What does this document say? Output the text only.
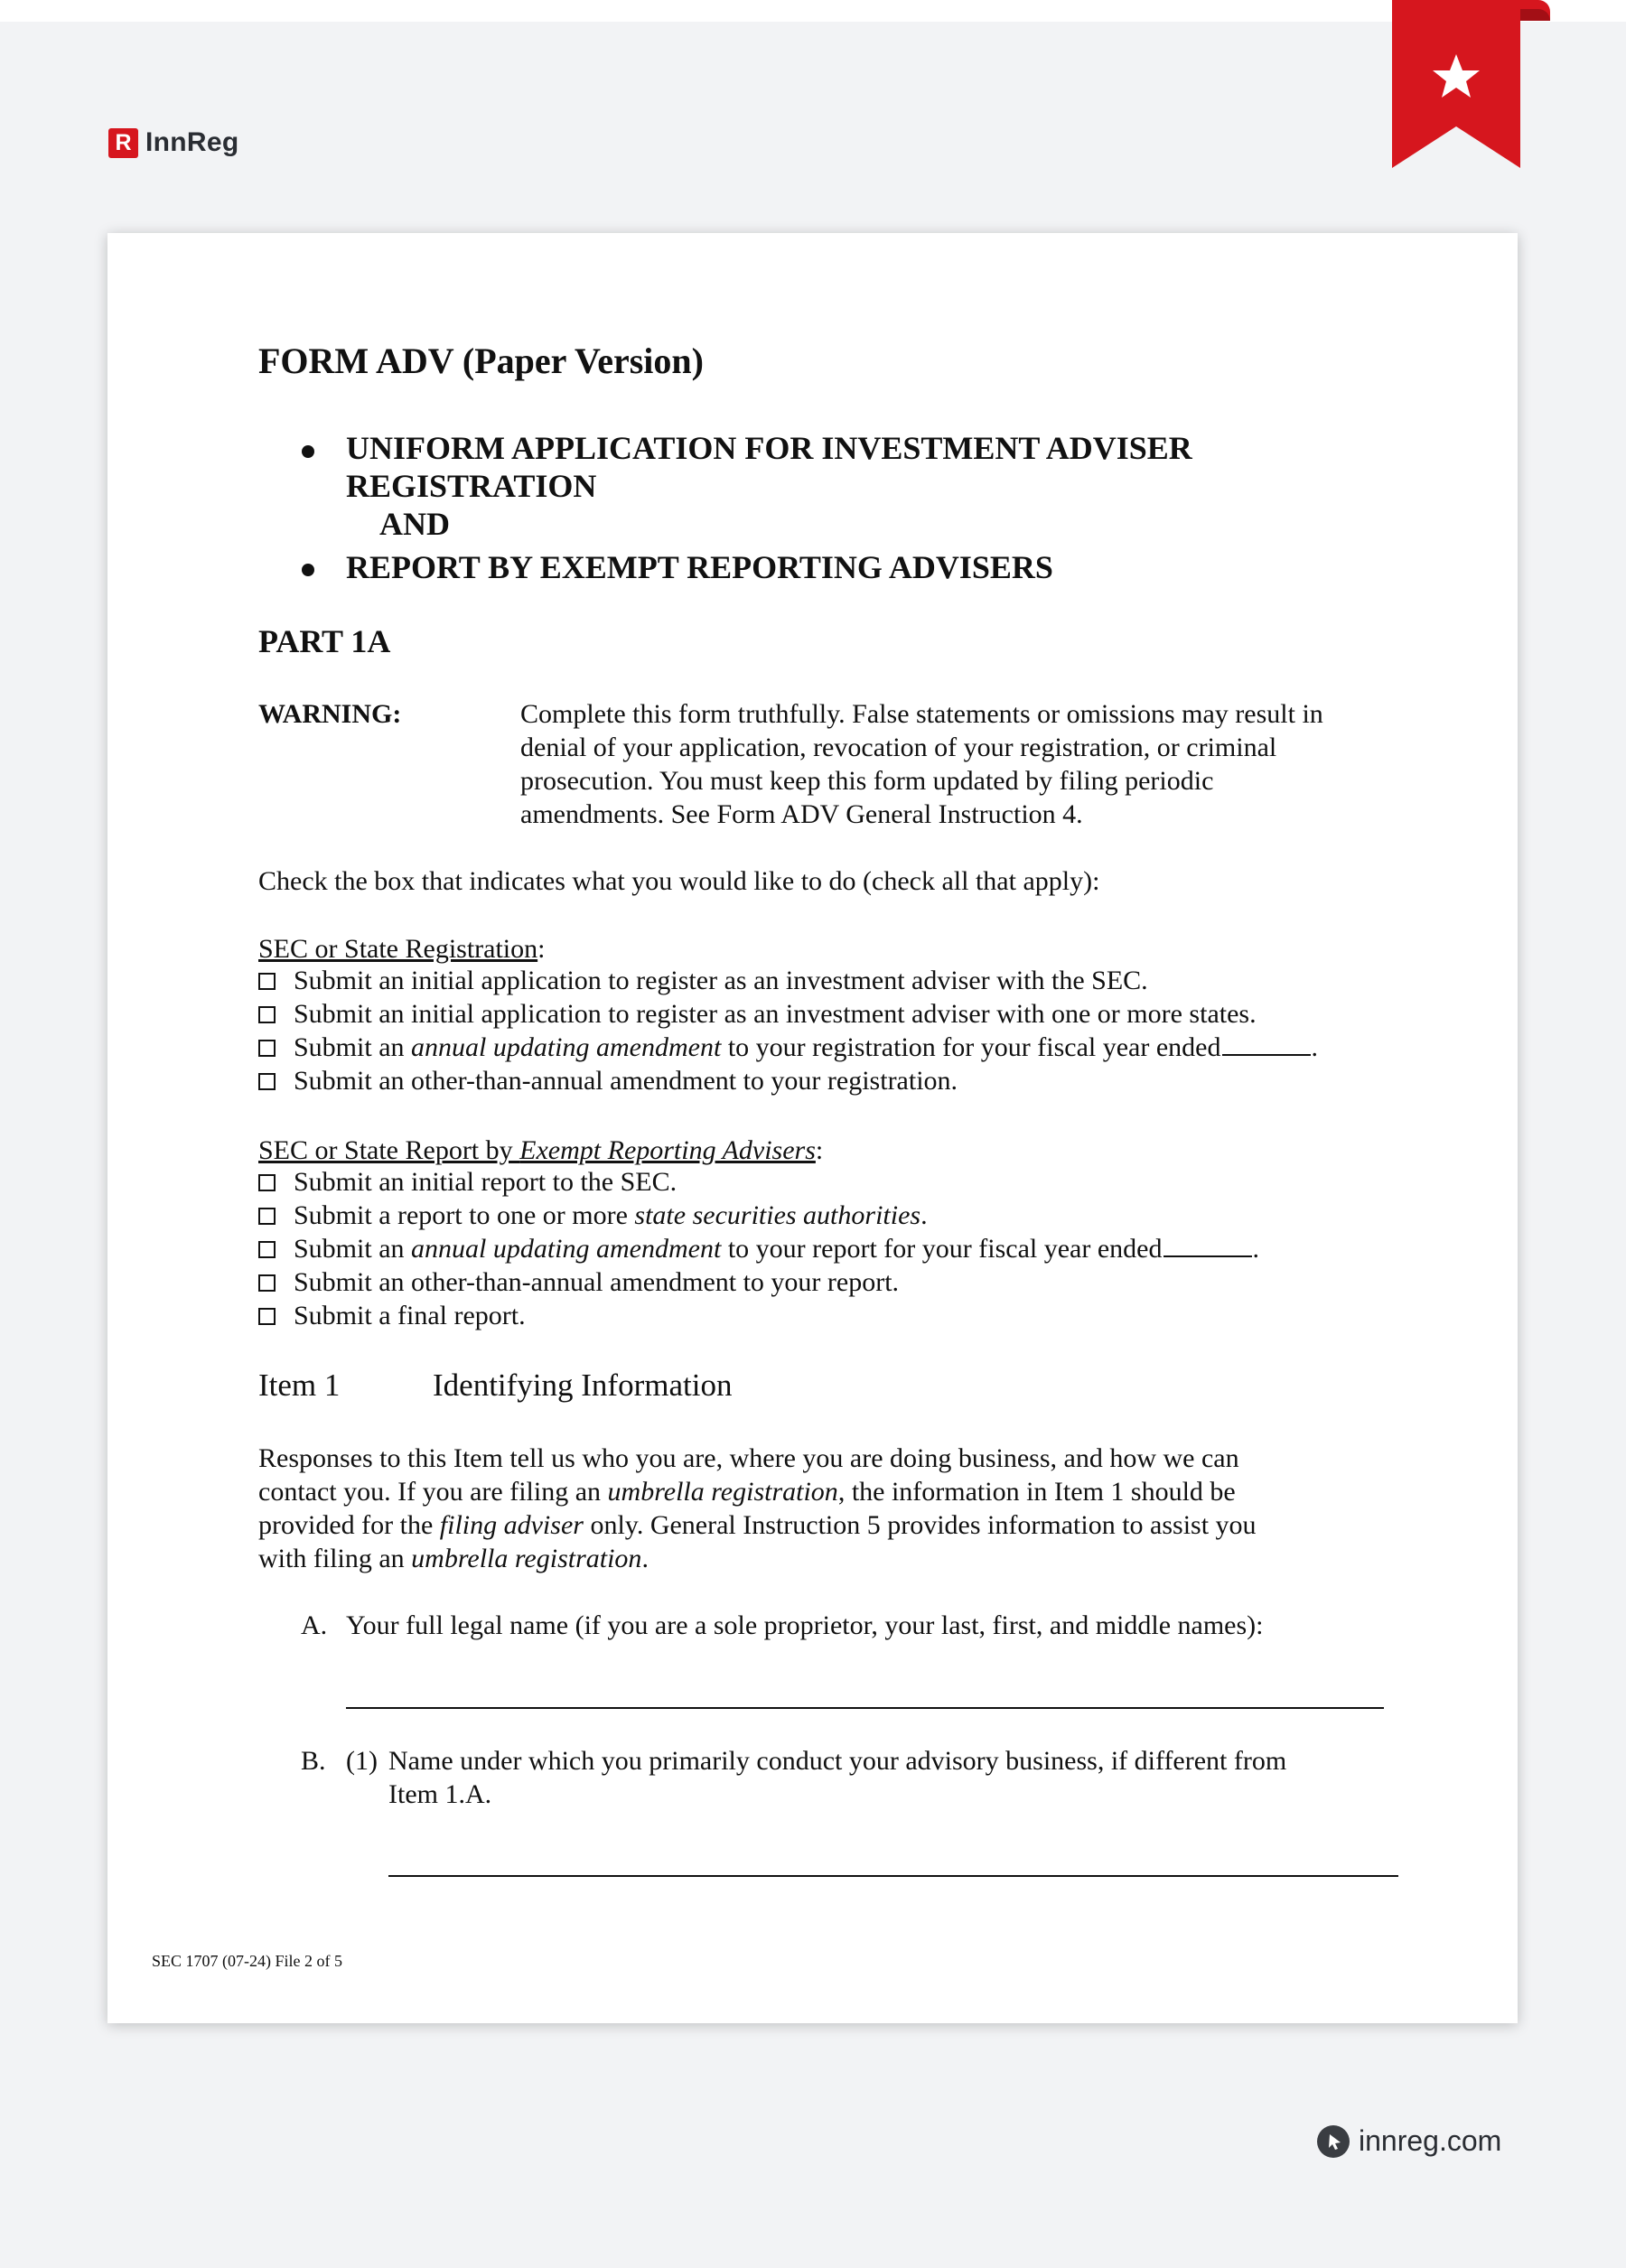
R InnReg
FORM ADV (Paper Version)
UNIFORM APPLICATION FOR INVESTMENT ADVISER
REGISTRATION
AND
REPORT BY EXEMPT REPORTING ADVISERS
PART 1A
WARNING:	Complete this form truthfully. False statements or omissions may result in
denial of your application, revocation of your registration, or criminal
prosecution. You must keep this form updated by filing periodic
amendments. See Form ADV General Instruction 4.
Check the box that indicates what you would like to do (check all that apply):
SEC or State Registration:
Submit an initial application to register as an investment adviser with the SEC.
Submit an initial application to register as an investment adviser with one or more states.
Submit an annual updating amendment to your registration for your fiscal year ended	.
Submit an other-than-annual amendment to your registration.
SEC or State Report by Exempt Reporting Advisers:
Submit an initial report to the SEC.
Submit a report to one or more state securities authorities.
Submit an annual updating amendment to your report for your fiscal year ended	.
Submit an other-than-annual amendment to your report.
Submit a final report.
Item 1	Identifying Information
Responses to this Item tell us who you are, where you are doing business, and how we can
contact you. If you are filing an umbrella registration, the information in Item 1 should be
provided for the filing adviser only. General Instruction 5 provides information to assist you
with filing an umbrella registration.
A. Your full legal name (if you are a sole proprietor, your last, first, and middle names):
B. (1) Name under which you primarily conduct your advisory business, if different from
Item 1.A.
SEC 1707 (07-24) File 2 of 5
innreg.com
